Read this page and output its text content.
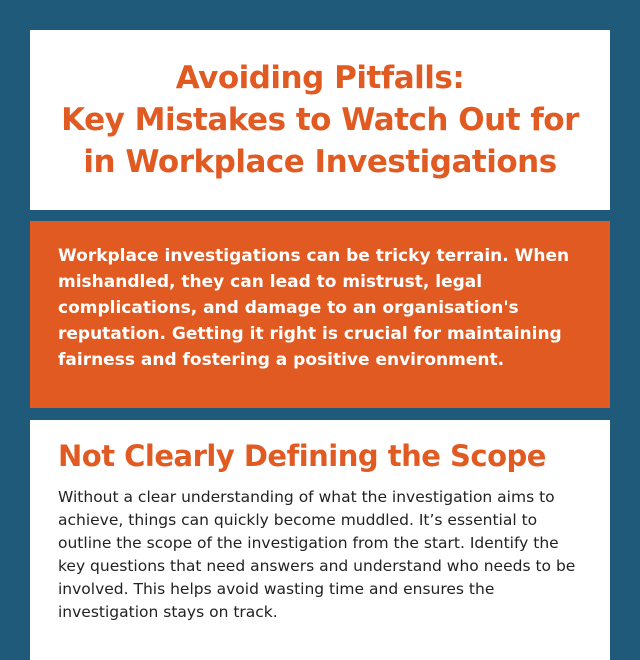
Avoiding Pitfalls:
Key Mistakes to Watch Out for
in Workplace Investigations

Workplace investigations can be tricky terrain. When mishandled, they can lead to mistrust, legal complications, and damage to an organisation's reputation. Getting it right is crucial for maintaining fairness and fostering a positive environment.

Not Clearly Defining the Scope

Without a clear understanding of what the investigation aims to achieve, things can quickly become muddled. It’s essential to outline the scope of the investigation from the start. Identify the key questions that need answers and understand who needs to be involved. This helps avoid wasting time and ensures the investigation stays on track.
